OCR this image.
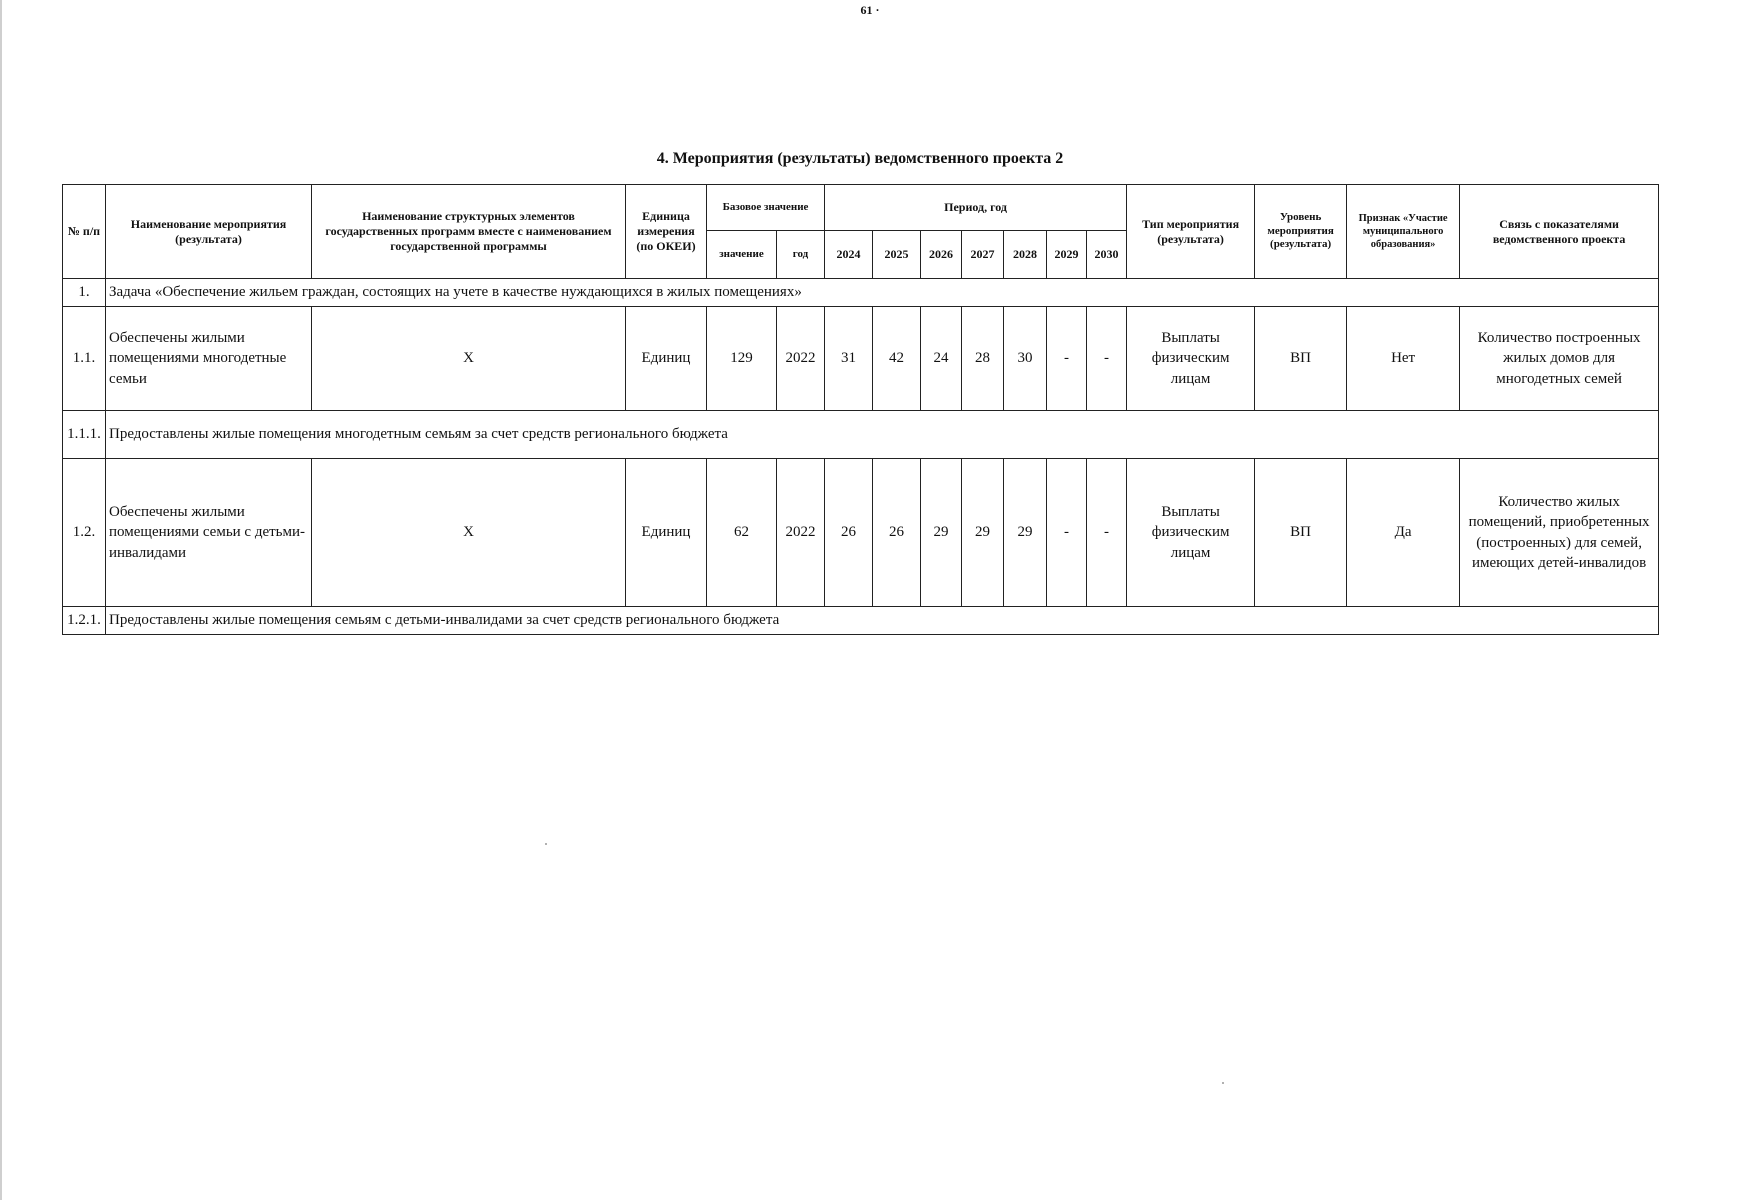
61 ·
4. Мероприятия (результаты) ведомственного проекта 2
№ п/п	Наименование мероприятия (результата)	Наименование структурных элементов государственных программ вместе с наименованием государственной программы	Единица измерения (по ОКЕИ)	Базовое значение		Период, год							Тип мероприятия (результата)	Уровень мероприятия (результата)	Признак «Участие муниципального образования»	Связь с показателями ведомственного проекта
				значение	год	2024	2025	2026	2027	2028	2029	2030				
1.	Задача «Обеспечение жильем граждан, состоящих на учете в качестве нуждающихся в жилых помещениях»															
1.1.	Обеспечены жилыми помещениями многодетные семьи	X	Единиц	129	2022	31	42	24	28	30	-	-	Выплаты физическим лицам	ВП	Нет	Количество построенных жилых домов для многодетных семей
1.1.1.	Предоставлены жилые помещения многодетным семьям за счет средств регионального бюджета															
1.2.	Обеспечены жилыми помещениями семьи с детьми-инвалидами	X	Единиц	62	2022	26	26	29	29	29	-	-	Выплаты физическим лицам	ВП	Да	Количество жилых помещений, приобретенных (построенных) для семей, имеющих детей-инвалидов
1.2.1.	Предоставлены жилые помещения семьям с детьми-инвалидами за счет средств регионального бюджета															
